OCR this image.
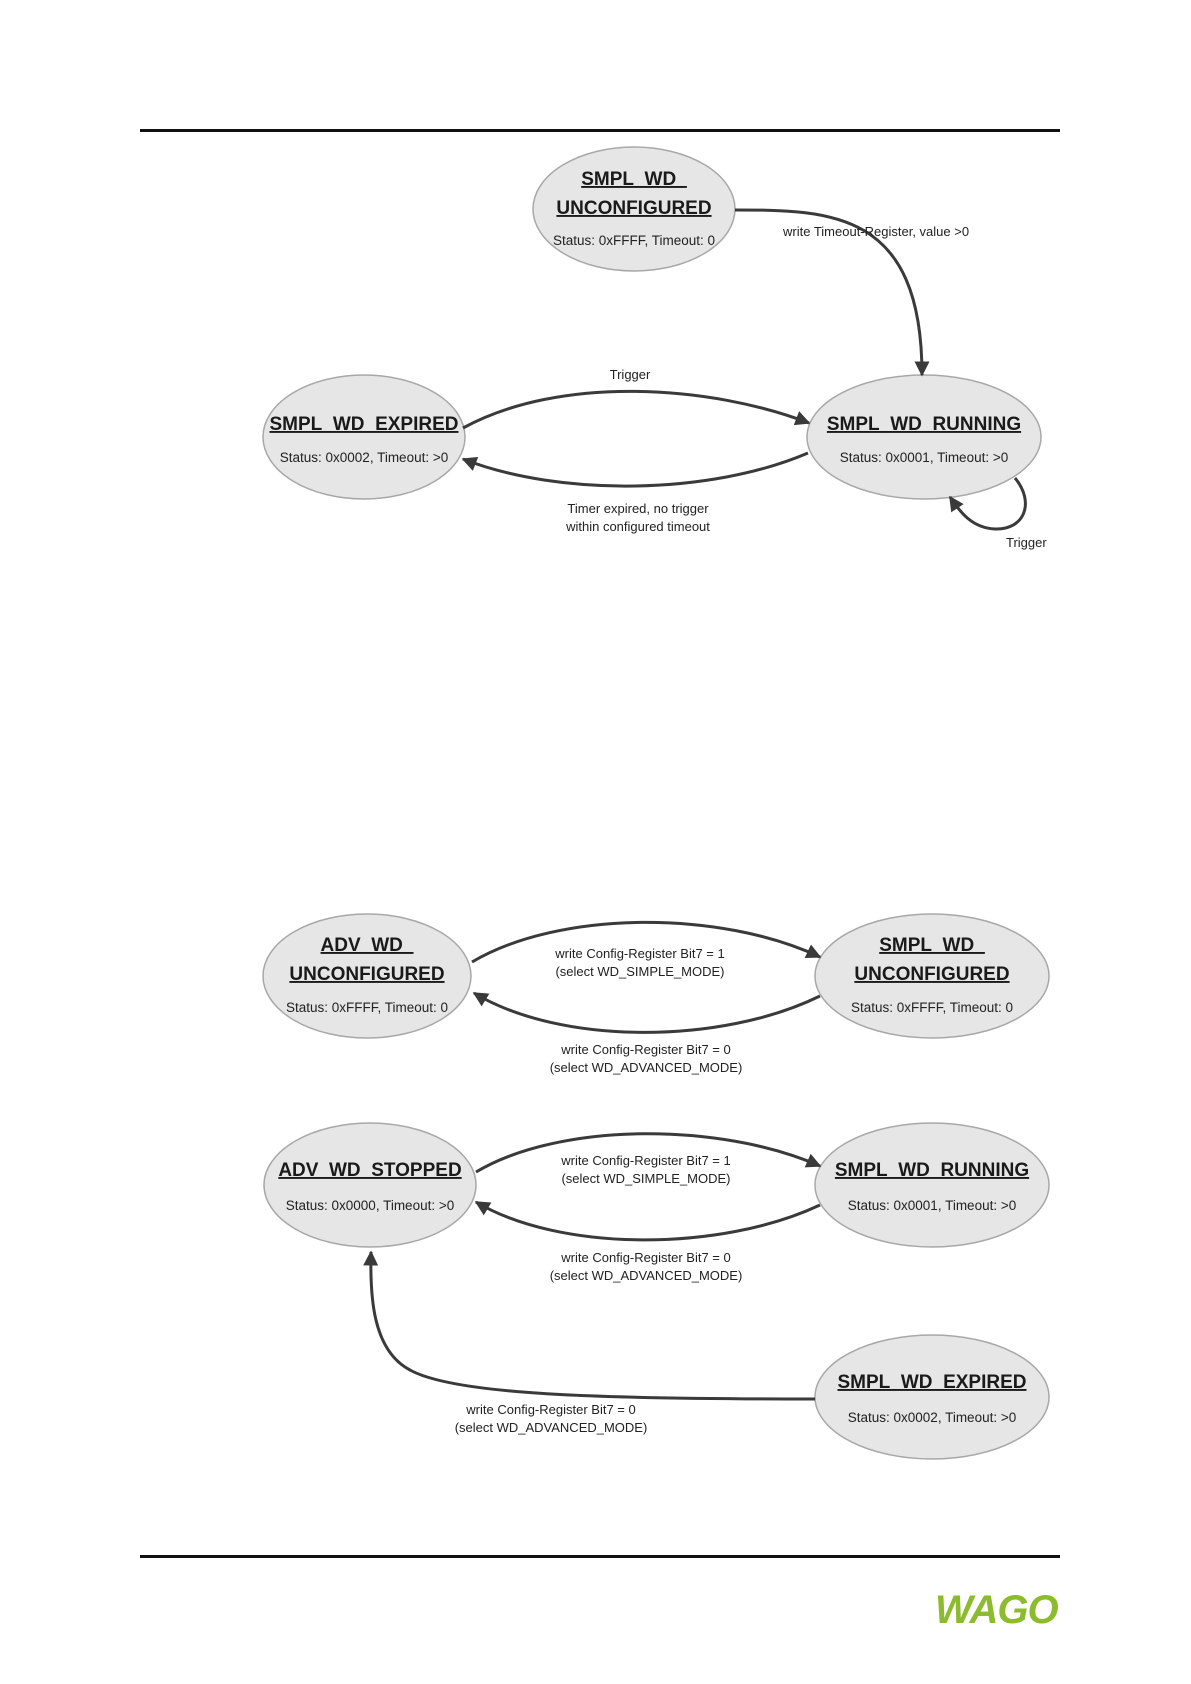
SMPL_WD_
UNCONFIGURED
Status: 0xFFFF, Timeout: 0
SMPL_WD_EXPIRED
Status: 0x0002, Timeout: >0
SMPL_WD_RUNNING
Status: 0x0001, Timeout: >0
write Timeout-Register, value >0
Trigger
Timer expired, no trigger
within configured timeout
Trigger
ADV_WD_
UNCONFIGURED
Status: 0xFFFF, Timeout: 0
SMPL_WD_
UNCONFIGURED
Status: 0xFFFF, Timeout: 0
write Config-Register Bit7 = 1
(select WD_SIMPLE_MODE)
write Config-Register Bit7 = 0
(select WD_ADVANCED_MODE)
ADV_WD_STOPPED
Status: 0x0000, Timeout: >0
SMPL_WD_RUNNING
Status: 0x0001, Timeout: >0
write Config-Register Bit7 = 1
(select WD_SIMPLE_MODE)
write Config-Register Bit7 = 0
(select WD_ADVANCED_MODE)
SMPL_WD_EXPIRED
Status: 0x0002, Timeout: >0
write Config-Register Bit7 = 0
(select WD_ADVANCED_MODE)
WAGO
